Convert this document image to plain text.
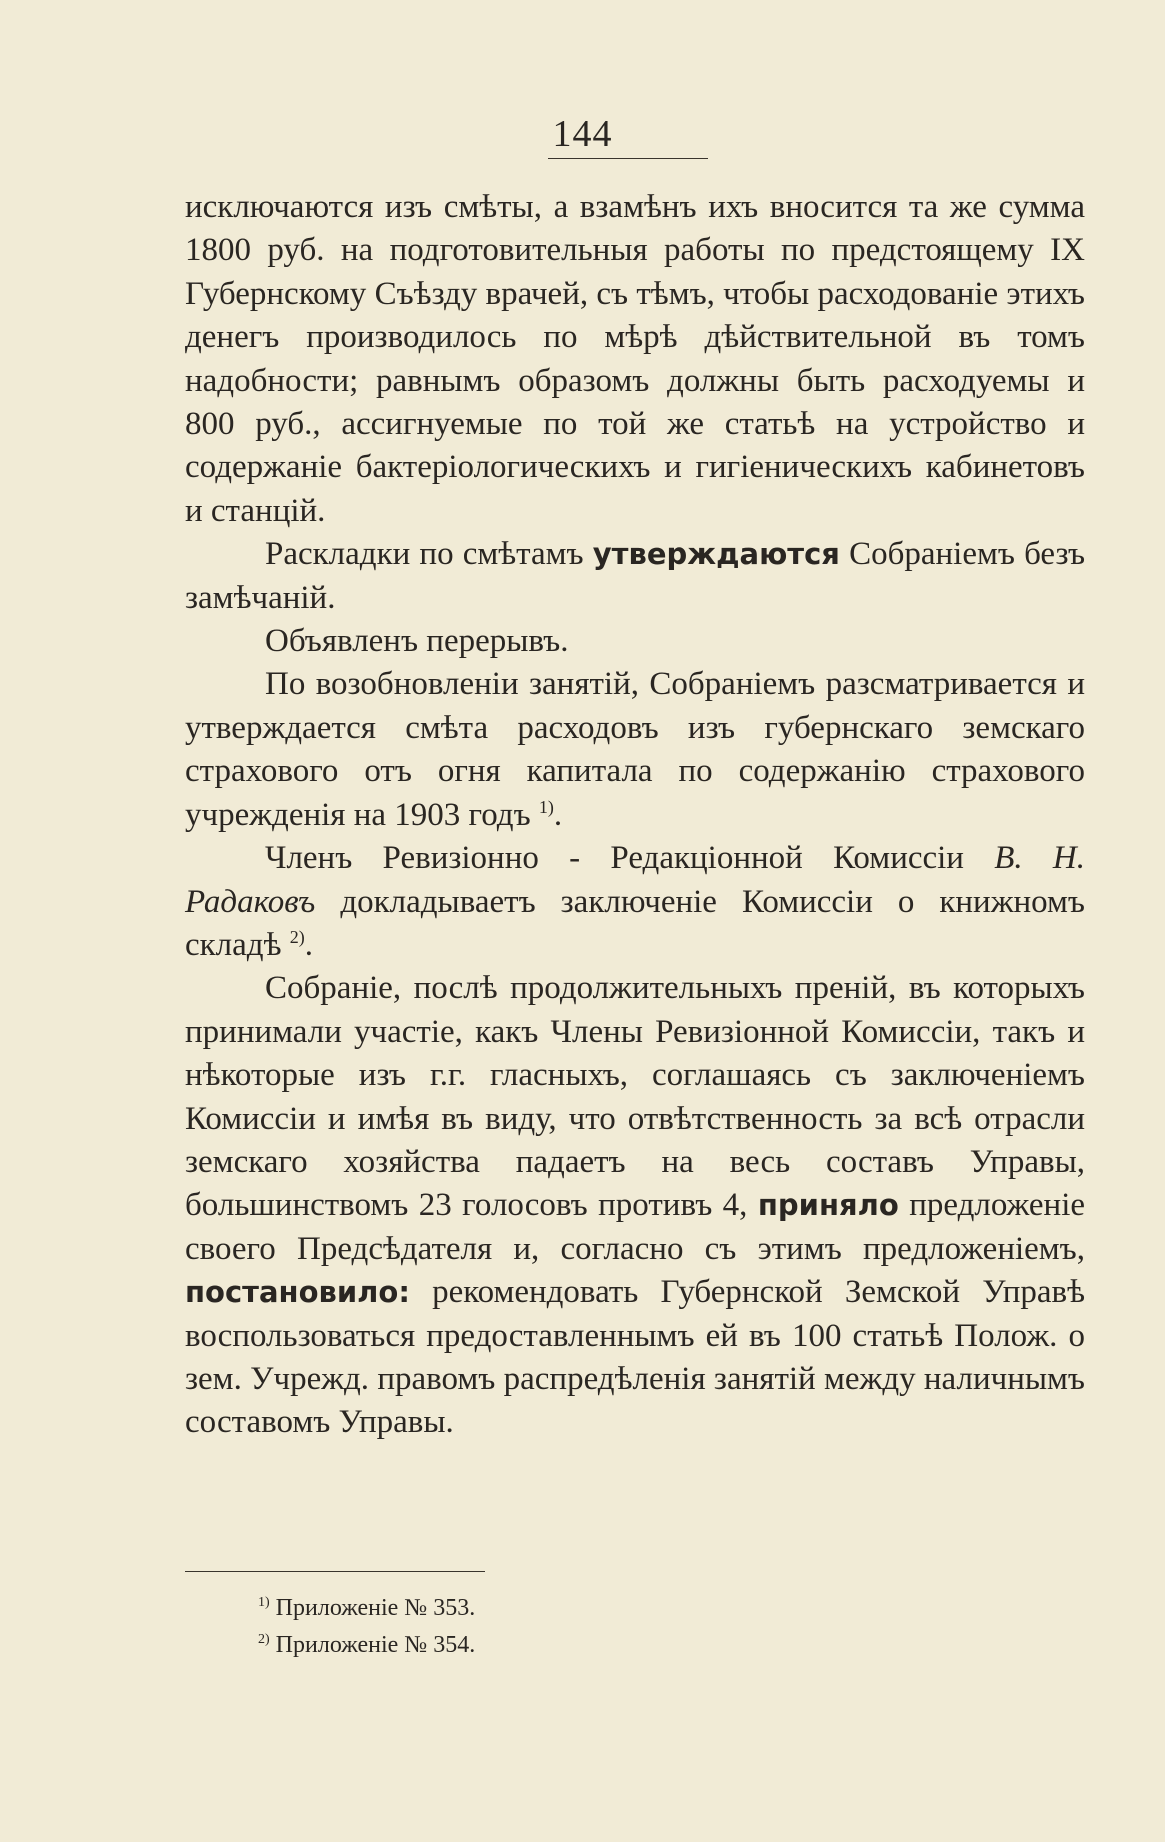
144

исключаются изъ смѣты, а взамѣнъ ихъ вносится та же сумма 1800 руб. на подготовительныя работы по предстоящему IX Губернскому Съѣзду врачей, съ тѣмъ, чтобы расходованіе этихъ денегъ производилось по мѣрѣ дѣйствительной въ томъ надобности; равнымъ образомъ должны быть расходуемы и 800 руб., ассигнуемые по той же статьѣ на устройство и содержаніе бактеріологическихъ и гигіеническихъ кабинетовъ и станцій.

Раскладки по смѣтамъ утверждаются Собраніемъ безъ замѣчаній.

Объявленъ перерывъ.

По возобновленіи занятій, Собраніемъ разсматривается и утверждается смѣта расходовъ изъ губернскаго земскаго страхового отъ огня капитала по содержанію страхового учрежденія на 1903 годъ $^{1)}$.

Членъ Ревизіонно - Редакціонной Комиссіи В. Н. Радаковъ докладываетъ заключеніе Комиссіи о книжномъ складѣ $^{2)}$.

Собраніе, послѣ продолжительныхъ преній, въ которыхъ принимали участіе, какъ Члены Ревизіонной Комиссіи, такъ и нѣкоторые изъ г.г. гласныхъ, соглашаясь съ заключеніемъ Комиссіи и имѣя въ виду, что отвѣтственность за всѣ отрасли земскаго хозяйства падаетъ на весь составъ Управы, большинствомъ 23 голосовъ противъ 4, приняло предложеніе своего Предсѣдателя и, согласно съ этимъ предложеніемъ, постановило: рекомендовать Губернской Земской Управѣ воспользоваться предоставленнымъ ей въ 100 статьѣ Полож. о зем. Учрежд. правомъ распредѣленія занятій между наличнымъ составомъ Управы.

$^{1)}$ Приложеніе № 353.
$^{2)}$ Приложеніе № 354.
